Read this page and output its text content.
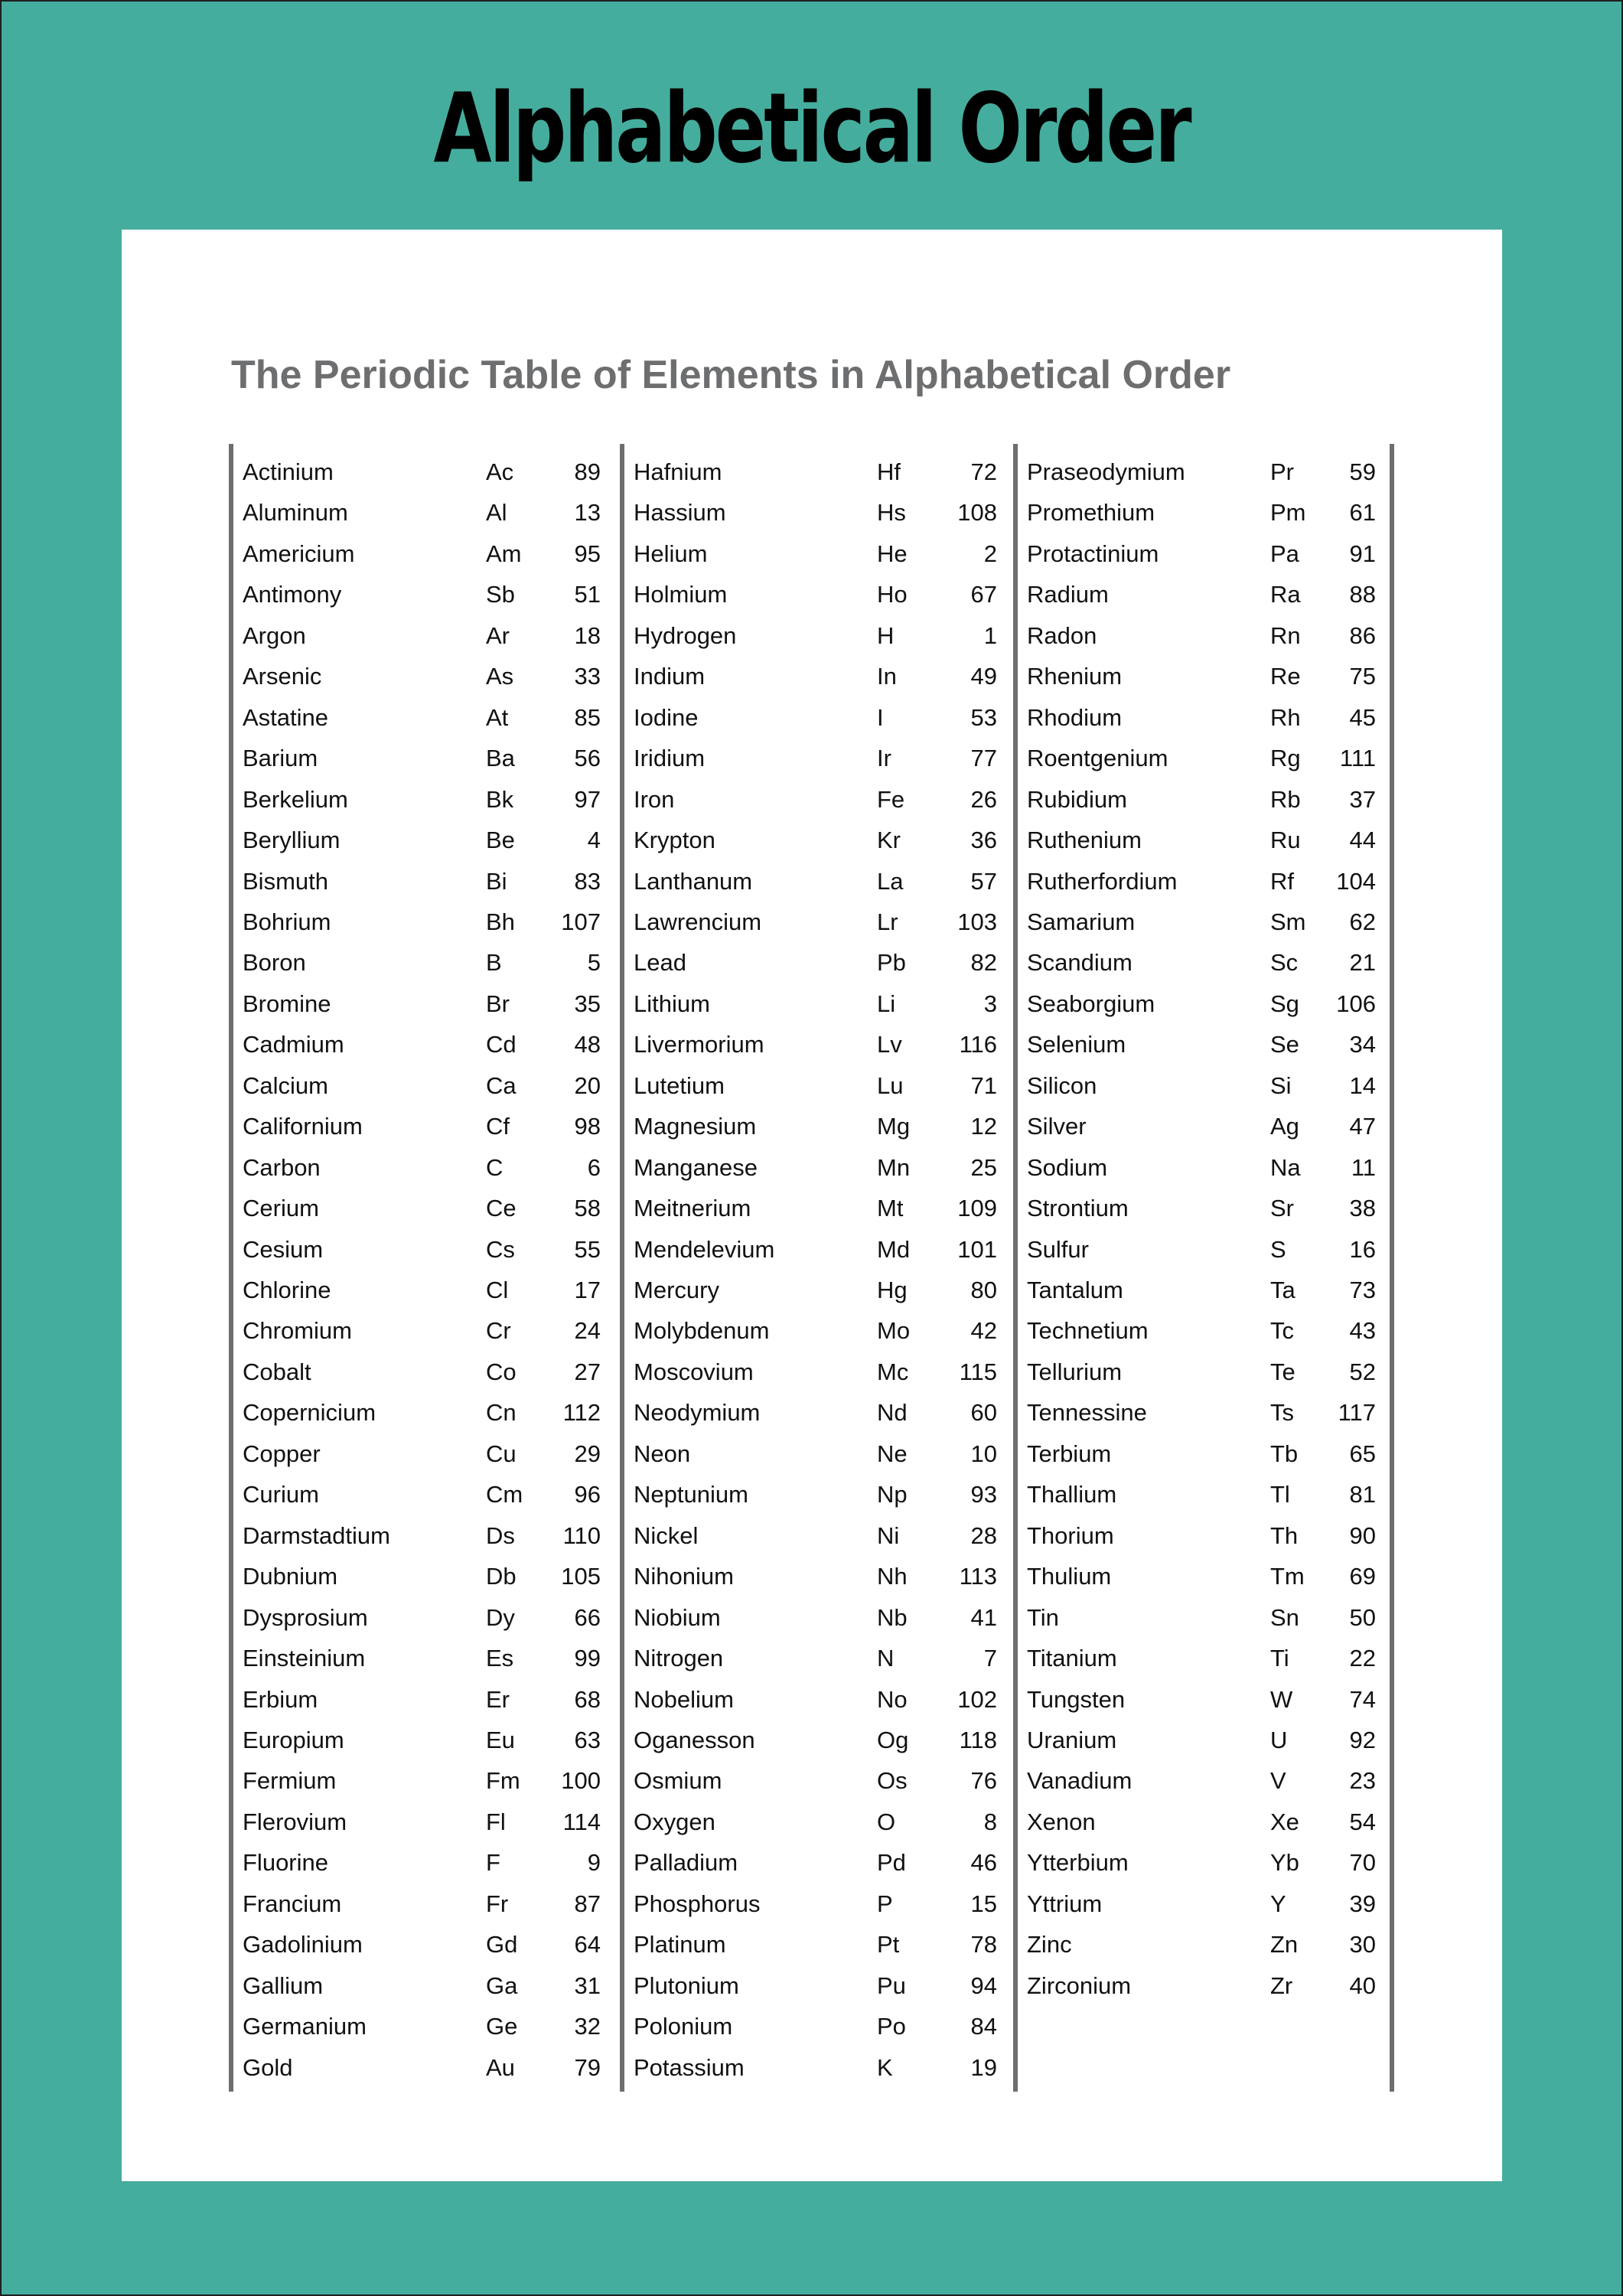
Alphabetical Order
The Periodic Table of Elements in Alphabetical Order
Actinium	Ac	89
Aluminum	Al	13
Americium	Am 95
Antimony	Sb	51
Argon	Ar	18
Arsenic	As	33
Astatine	At	85
Barium	Ba	56
Berkelium	Bk	97
Beryllium	Be	4
Bismuth	Bi	83
Bohrium	Bh 107
Boron	B	5
Bromine	Br	35
Cadmium	Cd 48
Calcium	Ca 20
Californium	Cf	98
Carbon	C	6
Cerium	Ce 58
Cesium	Cs	55
Chlorine	Cl	17
Chromium	Cr	24
Cobalt	Co 27
Copernicium	Cn 112
Copper	Cu 29
Curium	Cm 96
Darmstadtium	Ds 110
Dubnium	Db 105
Dysprosium	Dy	66
Einsteinium	Es	99
Erbium	Er	68
Europium	Eu	63
Fermium	Fm 100
Flerovium	Fl 114
Fluorine	F	9
Francium	Fr	87
Gadolinium	Gd 64
Gallium	Ga 31
Germanium	Ge 32
Gold	Au	79
Hafnium	Hf	72
Hassium	Hs 108
Helium	He	2
Holmium	Ho	67
Hydrogen	H	1
Indium	In	49
Iodine	I	53
Iridium	Ir	77
Iron	Fe	26
Krypton	Kr	36
Lanthanum	La	57
Lawrencium	Lr	103
Lead	Pb	82
Lithium	Li	3
Livermorium	Lv 116
Lutetium	Lu	71
Magnesium	Mg	12
Manganese	Mn	25
Meitnerium	Mt 109
Mendelevium	Md 101
Mercury	Hg	80
Molybdenum	Mo	42
Moscovium	Mc 115
Neodymium	Nd	60
Neon	Ne	10
Neptunium	Np	93
Nickel	Ni	28
Nihonium	Nh 113
Niobium	Nb	41
Nitrogen	N	7
Nobelium	No 102
Oganesson	Og 118
Osmium	Os	76
Oxygen	O	8
Palladium	Pd	46
Phosphorus	P	15
Platinum	Pt	78
Plutonium	Pu	94
Polonium	Po	84
Potassium	K	19
Praseodymium	Pr 59
Promethium	Pm 61
Protactinium	Pa 91
Radium	Ra 88
Radon	Rn 86
Rhenium	Re 75
Rhodium	Rh 45
Roentgenium	Rg 111
Rubidium	Rb 37
Ruthenium	Ru 44
Rutherfordium	Rf 104
Samarium	Sm 62
Scandium	Sc 21
Seaborgium	Sg 106
Selenium	Se 34
Silicon	Si 14
Silver	Ag 47
Sodium	Na 11
Strontium	Sr 38
Sulfur	S	16
Tantalum	Ta 73
Technetium	Tc 43
Tellurium	Te 52
Tennessine	Ts 117
Terbium	Tb 65
Thallium	Tl	81
Thorium	Th 90
Thulium	Tm 69
Tin	Sn 50
Titanium	Ti	22
Tungsten	W 74
Uranium	U	92
Vanadium	V	23
Xenon	Xe 54
Ytterbium	Yb 70
Yttrium	Y	39
Zinc	Zn 30
Zirconium	Zr 40
